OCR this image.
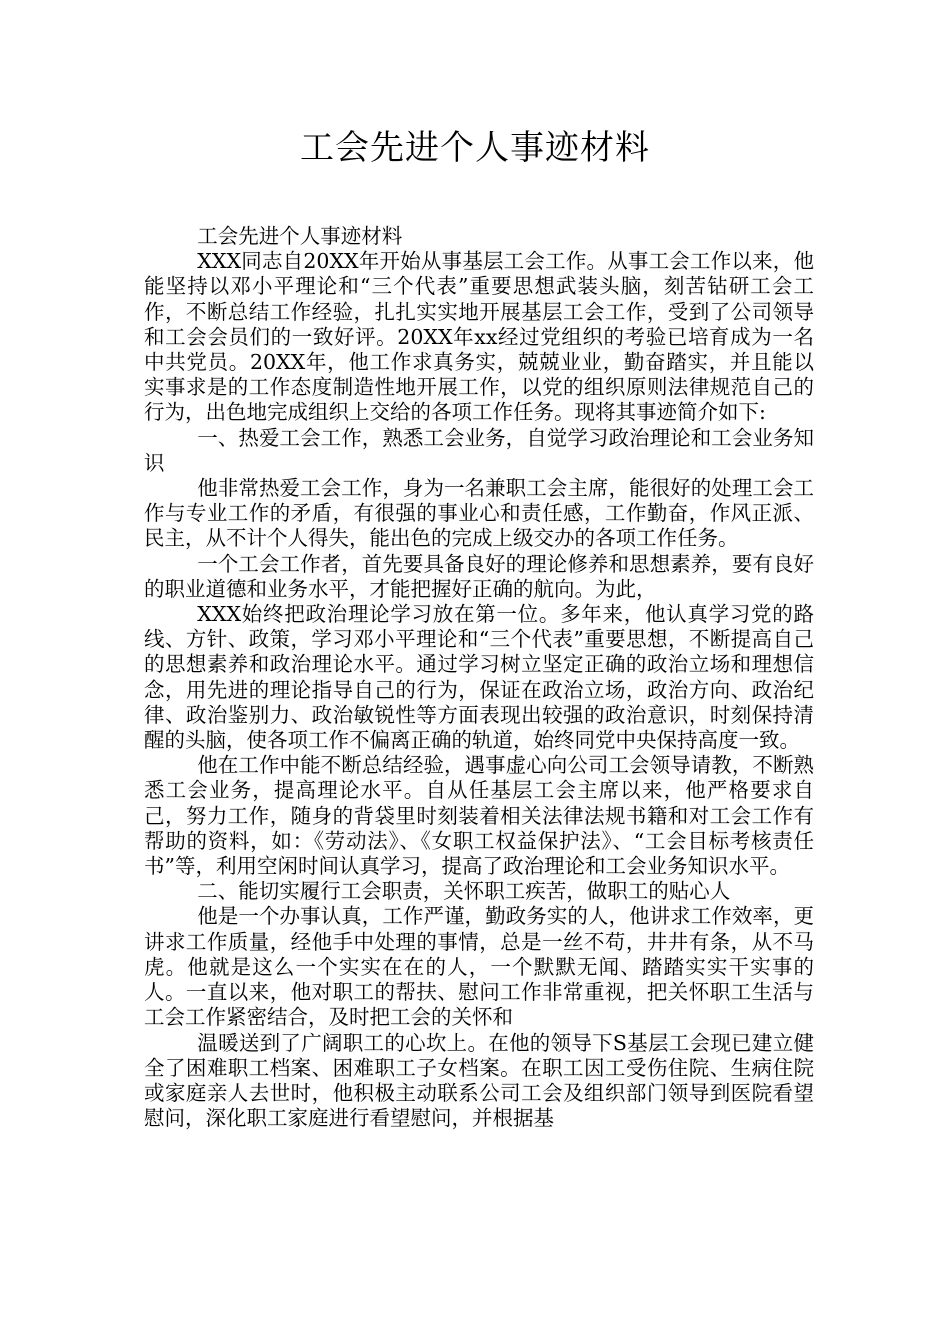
工会先进个人事迹材料

工会先进个人事迹材料

XXX同志自20XX年开始从事基层工会工作。从事工会工作以来，他能坚持以邓小平理论和“三个代表”重要思想武装头脑，刻苦钻研工会工作，不断总结工作经验，扎扎实实地开展基层工会工作，受到了公司领导和工会会员们的一致好评。20XX年xx经过党组织的考验已培育成为一名中共党员。20XX年，他工作求真务实，兢兢业业，勤奋踏实，并且能以实事求是的工作态度制造性地开展工作，以党的组织原则法律规范自己的行为，出色地完成组织上交给的各项工作任务。现将其事迹简介如下:

一、热爱工会工作，熟悉工会业务，自觉学习政治理论和工会业务知识

他非常热爱工会工作，身为一名兼职工会主席，能很好的处理工会工作与专业工作的矛盾，有很强的事业心和责任感，工作勤奋，作风正派、民主，从不计个人得失，能出色的完成上级交办的各项工作任务。

一个工会工作者，首先要具备良好的理论修养和思想素养，要有良好的职业道德和业务水平，才能把握好正确的航向。为此，

XXX始终把政治理论学习放在第一位。多年来，他认真学习党的路线、方针、政策，学习邓小平理论和“三个代表”重要思想，不断提高自己的思想素养和政治理论水平。通过学习树立坚定正确的政治立场和理想信念，用先进的理论指导自己的行为，保证在政治立场，政治方向、政治纪律、政治鉴别力、政治敏锐性等方面表现出较强的政治意识，时刻保持清醒的头脑，使各项工作不偏离正确的轨道，始终同党中央保持高度一致。

他在工作中能不断总结经验，遇事虚心向公司工会领导请教，不断熟悉工会业务，提高理论水平。自从任基层工会主席以来，他严格要求自己，努力工作，随身的背袋里时刻装着相关法律法规书籍和对工会工作有帮助的资料，如：《劳动法》、《女职工权益保护法》、“工会目标考核责任书”等，利用空闲时间认真学习，提高了政治理论和工会业务知识水平。

二、能切实履行工会职责，关怀职工疾苦，做职工的贴心人

他是一个办事认真，工作严谨，勤政务实的人，他讲求工作效率，更讲求工作质量，经他手中处理的事情，总是一丝不苟，井井有条，从不马虎。他就是这么一个实实在在的人，一个默默无闻、踏踏实实干实事的人。一直以来，他对职工的帮扶、慰问工作非常重视，把关怀职工生活与工会工作紧密结合，及时把工会的关怀和

温暖送到了广阔职工的心坎上。在他的领导下S基层工会现已建立健全了困难职工档案、困难职工子女档案。在职工因工受伤住院、生病住院或家庭亲人去世时，他积极主动联系公司工会及组织部门领导到医院看望慰问，深化职工家庭进行看望慰问，并根据基
